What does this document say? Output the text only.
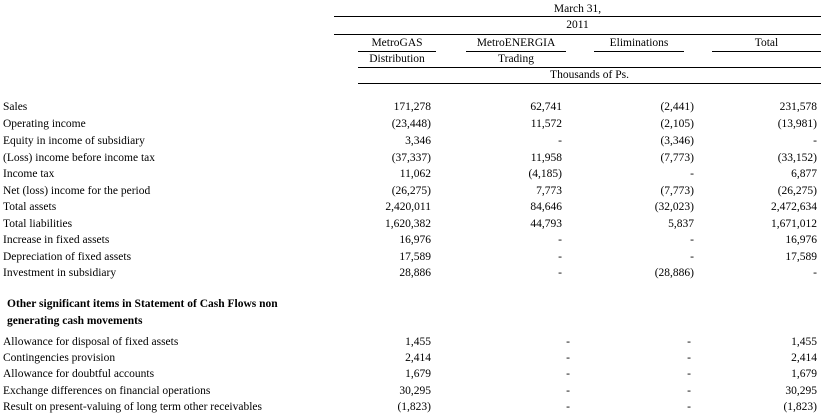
March 31,
2011
MetroGAS	MetroENERGIA	Eliminations	Total
Distribution	Trading
Thousands of Ps.
Sales	171,278	62,741	(2,441)	231,578
Operating income	(23,448)	11,572	(2,105)	(13,981)
Equity in income of subsidiary	3,346	-	(3,346)	-
(Loss) income before income tax	(37,337)	11,958	(7,773)	(33,152)
Income tax	11,062	(4,185)	-	6,877
Net (loss) income for the period	(26,275)	7,773	(7,773)	(26,275)
Total assets	2,420,011	84,646	(32,023)	2,472,634
Total liabilities	1,620,382	44,793	5,837	1,671,012
Increase in fixed assets	16,976	-	-	16,976
Depreciation of fixed assets	17,589	-	-	17,589
Investment in subsidiary	28,886	-	(28,886)	-
Other significant items in Statement of Cash Flows non
generating cash movements
Allowance for disposal of fixed assets	1,455	-	-	1,455
Contingencies provision	2,414	-	-	2,414
Allowance for doubtful accounts	1,679	-	-	1,679
Exchange differences on financial operations	30,295	-	-	30,295
Result on present-valuing of long term other receivables	(1,823)	-	-	(1,823)
